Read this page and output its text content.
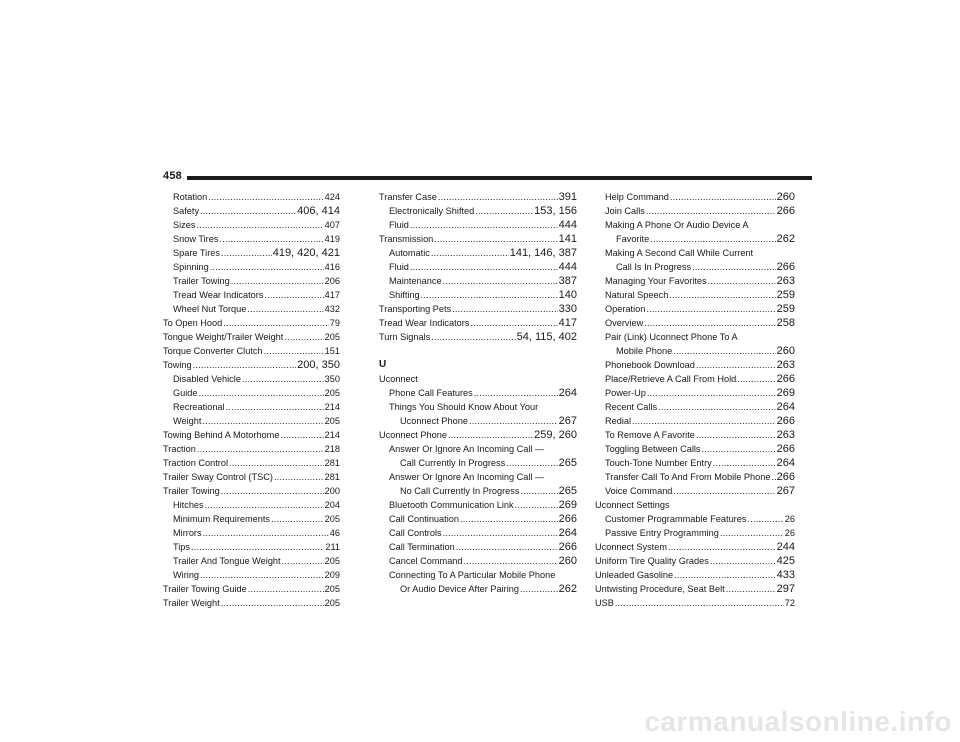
458
Rotation .....	424
Safety .....	406, 414
Sizes .....	407
Snow Tires .....	419
Spare Tires .....	419, 420, 421
Spinning .....	416
Trailer Towing .....	206
Tread Wear Indicators .....	417
Wheel Nut Torque .....	432
To Open Hood .....	79
Tongue Weight/Trailer Weight .....	205
Torque Converter Clutch .....	151
Towing .....	200, 350
Disabled Vehicle .....	350
Guide .....	205
Recreational .....	214
Weight .....	205
Towing Behind A Motorhome .....	214
Traction .....	218
Traction Control .....	281
Trailer Sway Control (TSC) .....	281
Trailer Towing .....	200
Hitches .....	204
Minimum Requirements .....	205
Mirrors .....	46
Tips .....	211
Trailer And Tongue Weight .....	205
Wiring .....	209
Trailer Towing Guide .....	205
Trailer Weight .....	205
Transfer Case .....	391
Electronically Shifted .....	153, 156
Fluid .....	444
Transmission .....	141
Automatic .....	141, 146, 387
Fluid .....	444
Maintenance .....	387
Shifting .....	140
Transporting Pets .....	330
Tread Wear Indicators .....	417
Turn Signals .....	54, 115, 402
U
Uconnect
Phone Call Features .....	264
Things You Should Know About Your
Uconnect Phone .....	267
Uconnect Phone .....	259, 260
Answer Or Ignore An Incoming Call —
Call Currently In Progress .....	265
Answer Or Ignore An Incoming Call —
No Call Currently In Progress .....	265
Bluetooth Communication Link .....	269
Call Continuation .....	266
Call Controls .....	264
Call Termination .....	266
Cancel Command .....	260
Connecting To A Particular Mobile Phone
Or Audio Device After Pairing .....	262
Help Command .....	260
Join Calls .....	266
Making A Phone Or Audio Device A
Favorite .....	262
Making A Second Call While Current
Call Is In Progress .....	266
Managing Your Favorites .....	263
Natural Speech .....	259
Operation .....	259
Overview .....	258
Pair (Link) Uconnect Phone To A
Mobile Phone .....	260
Phonebook Download .....	263
Place/Retrieve A Call From Hold .....	266
Power-Up .....	269
Recent Calls .....	264
Redial .....	266
To Remove A Favorite .....	263
Toggling Between Calls .....	266
Touch-Tone Number Entry .....	264
Transfer Call To And From Mobile Phone ..... 266
Voice Command .....	267
Uconnect Settings
Customer Programmable Features .....	26
Passive Entry Programming .....	26
Uconnect System .....	244
Uniform Tire Quality Grades .....	425
Unleaded Gasoline .....	433
Untwisting Procedure, Seat Belt .....	297
USB .....	72
carmanualsonline.info
